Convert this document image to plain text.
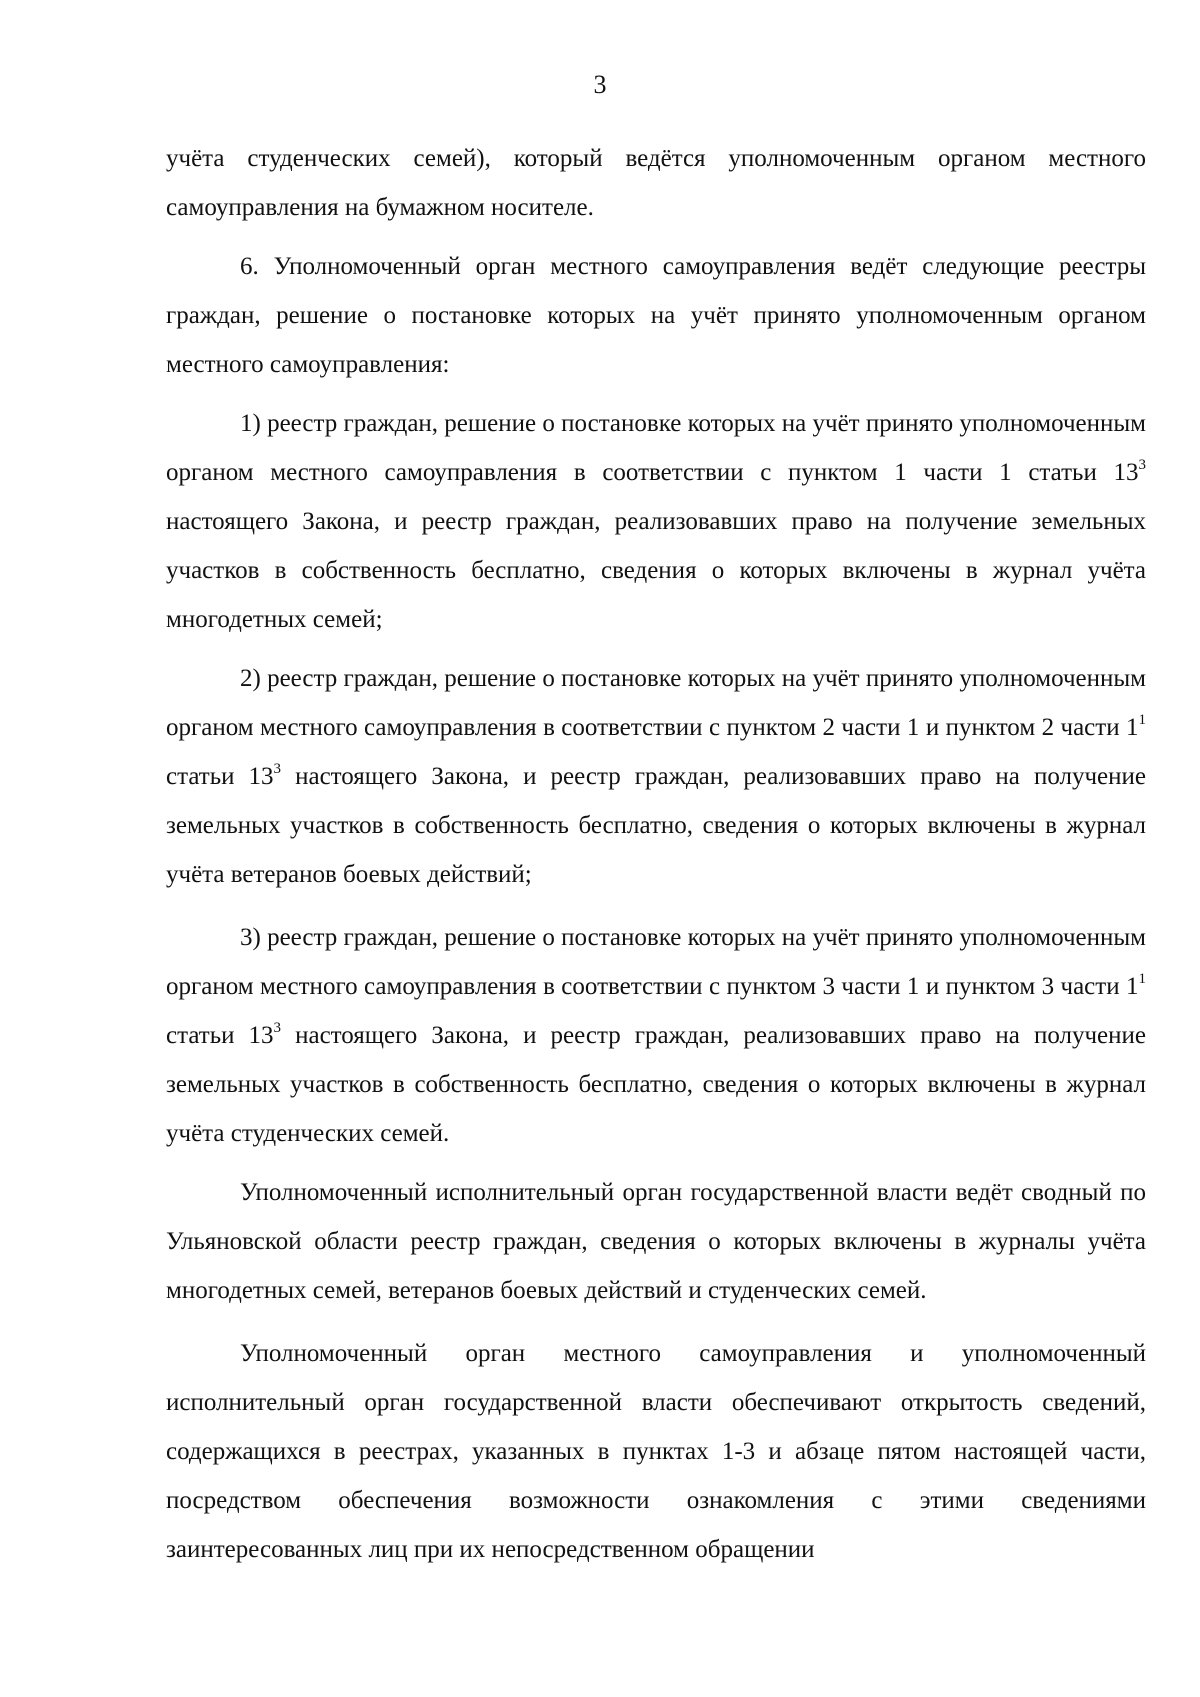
3

учёта студенческих семей), который ведётся уполномоченным органом местного самоуправления на бумажном носителе.

6. Уполномоченный орган местного самоуправления ведёт следующие реестры граждан, решение о постановке которых на учёт принято уполномоченным органом местного самоуправления:

1) реестр граждан, решение о постановке которых на учёт принято уполномоченным органом местного самоуправления в соответствии с пунктом 1 части 1 статьи $13^3$ настоящего Закона, и реестр граждан, реализовавших право на получение земельных участков в собственность бесплатно, сведения о которых включены в журнал учёта многодетных семей;

2) реестр граждан, решение о постановке которых на учёт принято уполномоченным органом местного самоуправления в соответствии с пунктом 2 части 1 и пунктом 2 части $1^1$ статьи $13^3$ настоящего Закона, и реестр граждан, реализовавших право на получение земельных участков в собственность бесплатно, сведения о которых включены в журнал учёта ветеранов боевых действий;

3) реестр граждан, решение о постановке которых на учёт принято уполномоченным органом местного самоуправления в соответствии с пунктом 3 части 1 и пунктом 3 части $1^1$ статьи $13^3$ настоящего Закона, и реестр граждан, реализовавших право на получение земельных участков в собственность бесплатно, сведения о которых включены в журнал учёта студенческих семей.

Уполномоченный исполнительный орган государственной власти ведёт сводный по Ульяновской области реестр граждан, сведения о которых включены в журналы учёта многодетных семей, ветеранов боевых действий и студенческих семей.

Уполномоченный орган местного самоуправления и уполномоченный исполнительный орган государственной власти обеспечивают открытость сведений, содержащихся в реестрах, указанных в пунктах 1-3 и абзаце пятом настоящей части, посредством обеспечения возможности ознакомления с этими сведениями заинтересованных лиц при их непосредственном обращении
